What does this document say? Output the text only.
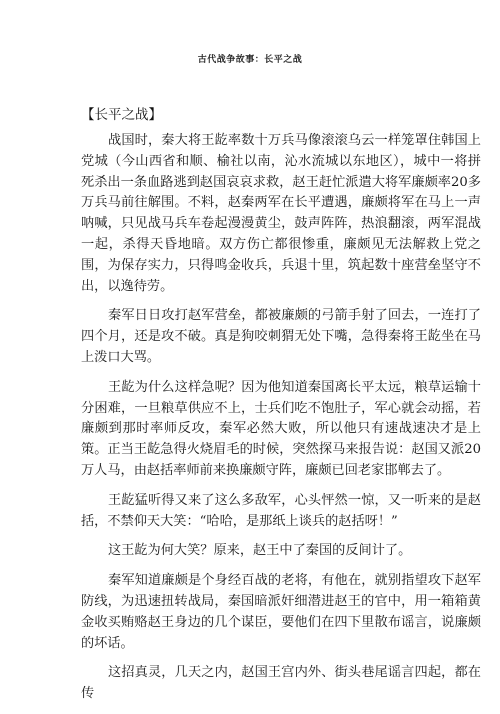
古代战争故事：长平之战
【长平之战】

战国时，秦大将王龁率数十万兵马像滚滚乌云一样笼罩住韩国上党城（今山西省和顺、榆社以南，沁水流城以东地区），城中一将拼死杀出一条血路逃到赵国哀哀求救，赵王赶忙派遣大将军廉颇率20多万兵马前往解围。不料，赵秦两军在长平遭遇，廉颇将军在马上一声呐喊，只见战马兵车卷起漫漫黄尘，鼓声阵阵，热浪翻滚，两军混战一起，杀得天昏地暗。双方伤亡都很惨重，廉颇见无法解救上党之围，为保存实力，只得鸣金收兵，兵退十里，筑起数十座营垒坚守不出，以逸待劳。

秦军日日攻打赵军营垒，都被廉颇的弓箭手射了回去，一连打了四个月，还是攻不破。真是狗咬刺猬无处下嘴，急得秦将王龁坐在马上泼口大骂。

王龁为什么这样急呢？因为他知道秦国离长平太远，粮草运输十分困难，一旦粮草供应不上，士兵们吃不饱肚子，军心就会动摇，若廉颇到那时率师反攻，秦军必然大败，所以他只有速战速决才是上策。正当王龁急得火烧眉毛的时候，突然探马来报告说：赵国又派20万人马，由赵括率师前来换廉颇守阵，廉颇已回老家邯郸去了。

王龁猛听得又来了这么多敌军，心头怦然一惊，又一听来的是赵括，不禁仰天大笑：“哈哈，是那纸上谈兵的赵括呀！”

这王龁为何大笑？原来，赵王中了秦国的反间计了。

秦军知道廉颇是个身经百战的老将，有他在，就别指望攻下赵军防线，为迅速扭转战局，秦国暗派奸细潜进赵王的官中，用一箱箱黄金收买贿赂赵王身边的几个谋臣，要他们在四下里散布谣言，说廉颇的坏话。

这招真灵，几天之内，赵国王宫内外、街头巷尾谣言四起，都在传
